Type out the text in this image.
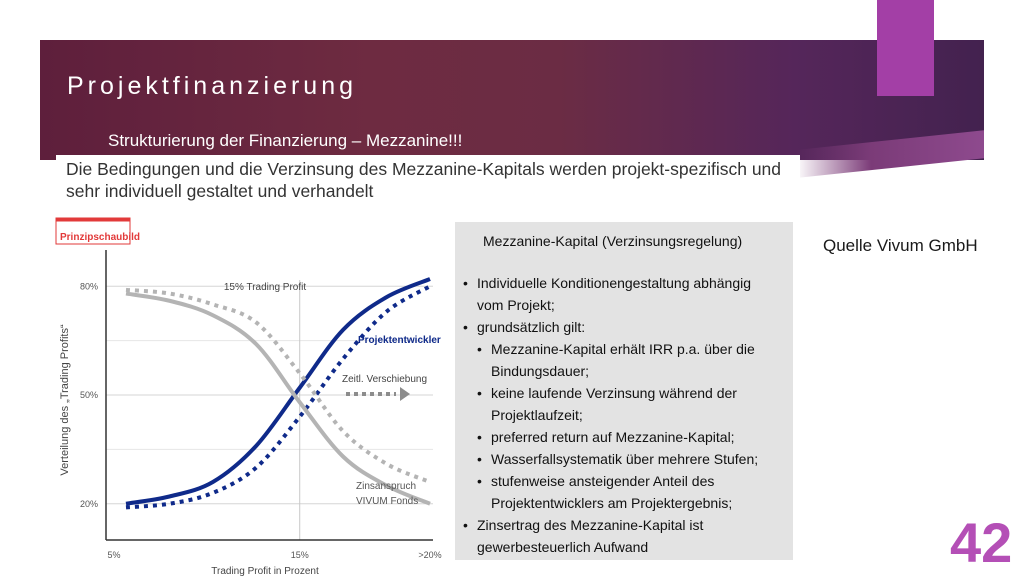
Projektfinanzierung
Strukturierung der Finanzierung – Mezzanine!!!
Die Bedingungen und die Verzinsung des Mezzanine-Kapitals werden projekt-spezifisch und sehr individuell gestaltet und verhandelt
Prinzipschaubild
Verteilung des „Trading Profits“
Trading Profit in Prozent
80%
50%
20%
5%	15%	>20%
15% Trading Profit
Projektentwickler
Zeitl. Verschiebung
Zinsanspruch
VIVUM Fonds
Mezzanine-Kapital (Verzinsungsregelung)
• Individuelle Konditionengestaltung abhängig
vom Projekt;
• grundsätzlich gilt:
• Mezzanine-Kapital erhält IRR p.a. über die
Bindungsdauer;
• keine laufende Verzinsung während der
Projektlaufzeit;
• preferred return auf Mezzanine-Kapital;
• Wasserfallsystematik über mehrere Stufen;
• stufenweise ansteigender Anteil des
Projektentwicklers am Projektergebnis;
• Zinsertrag des Mezzanine-Kapital ist
gewerbesteuerlich Aufwand
Quelle Vivum GmbH
42
